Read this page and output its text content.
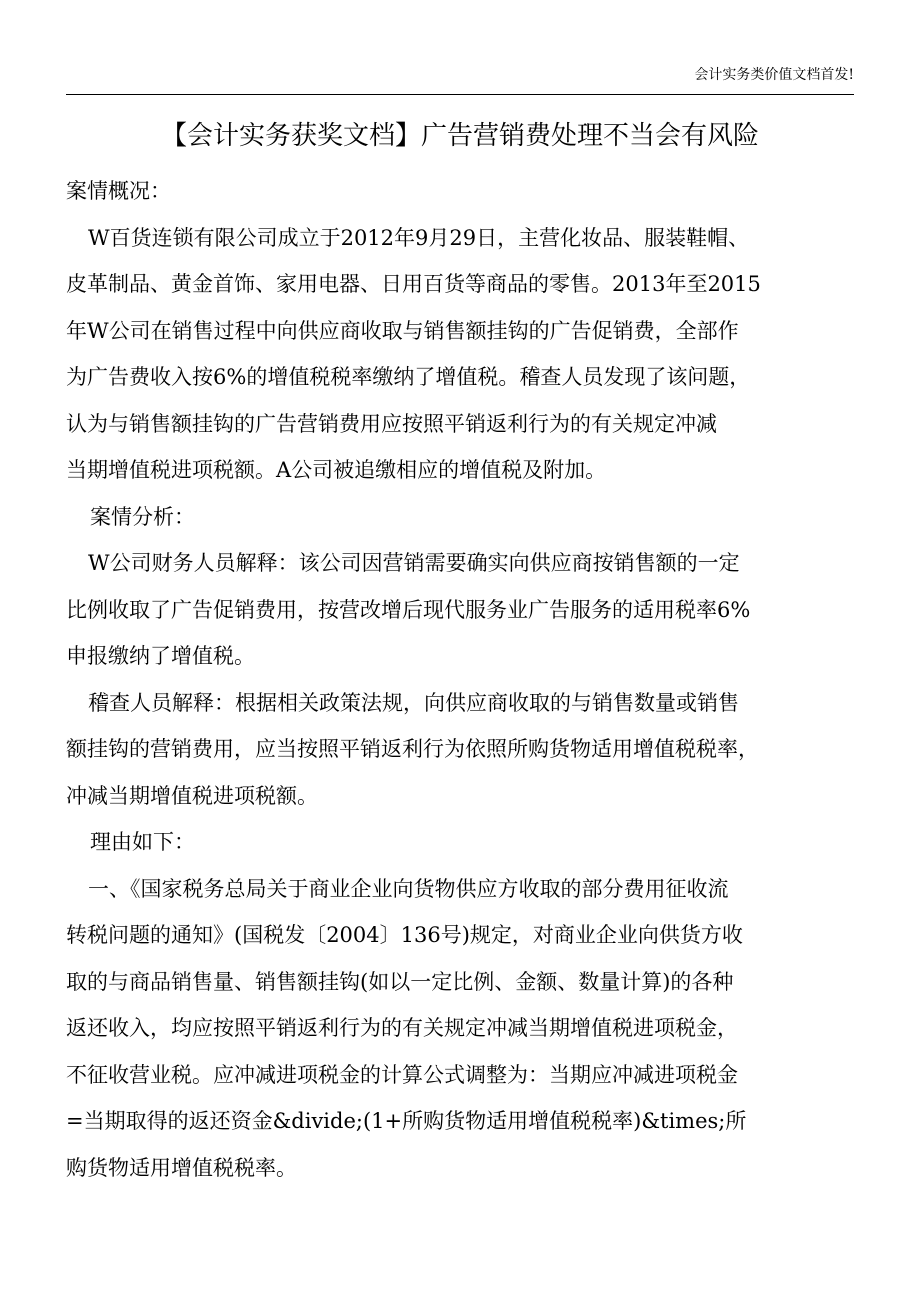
会计实务类价值文档首发!
【会计实务获奖文档】广告营销费处理不当会有风险
案情概况：
W百货连锁有限公司成立于2012年9月29日，主营化妆品、服装鞋帽、
皮革制品、黄金首饰、家用电器、日用百货等商品的零售。2013年至2015
年W公司在销售过程中向供应商收取与销售额挂钩的广告促销费，全部作
为广告费收入按6%的增值税税率缴纳了增值税。稽查人员发现了该问题，
认为与销售额挂钩的广告营销费用应按照平销返利行为的有关规定冲减
当期增值税进项税额。A公司被追缴相应的增值税及附加。
案情分析：
W公司财务人员解释：该公司因营销需要确实向供应商按销售额的一定
比例收取了广告促销费用，按营改增后现代服务业广告服务的适用税率6%
申报缴纳了增值税。
稽查人员解释：根据相关政策法规，向供应商收取的与销售数量或销售
额挂钩的营销费用，应当按照平销返利行为依照所购货物适用增值税税率，
冲减当期增值税进项税额。
理由如下：
一、《国家税务总局关于商业企业向货物供应方收取的部分费用征收流
转税问题的通知》(国税发〔2004〕136号)规定，对商业企业向供货方收
取的与商品销售量、销售额挂钩(如以一定比例、金额、数量计算)的各种
返还收入，均应按照平销返利行为的有关规定冲减当期增值税进项税金，
不征收营业税。应冲减进项税金的计算公式调整为：当期应冲减进项税金
=当期取得的返还资金&divide;(1+所购货物适用增值税税率)&times;所
购货物适用增值税税率。
